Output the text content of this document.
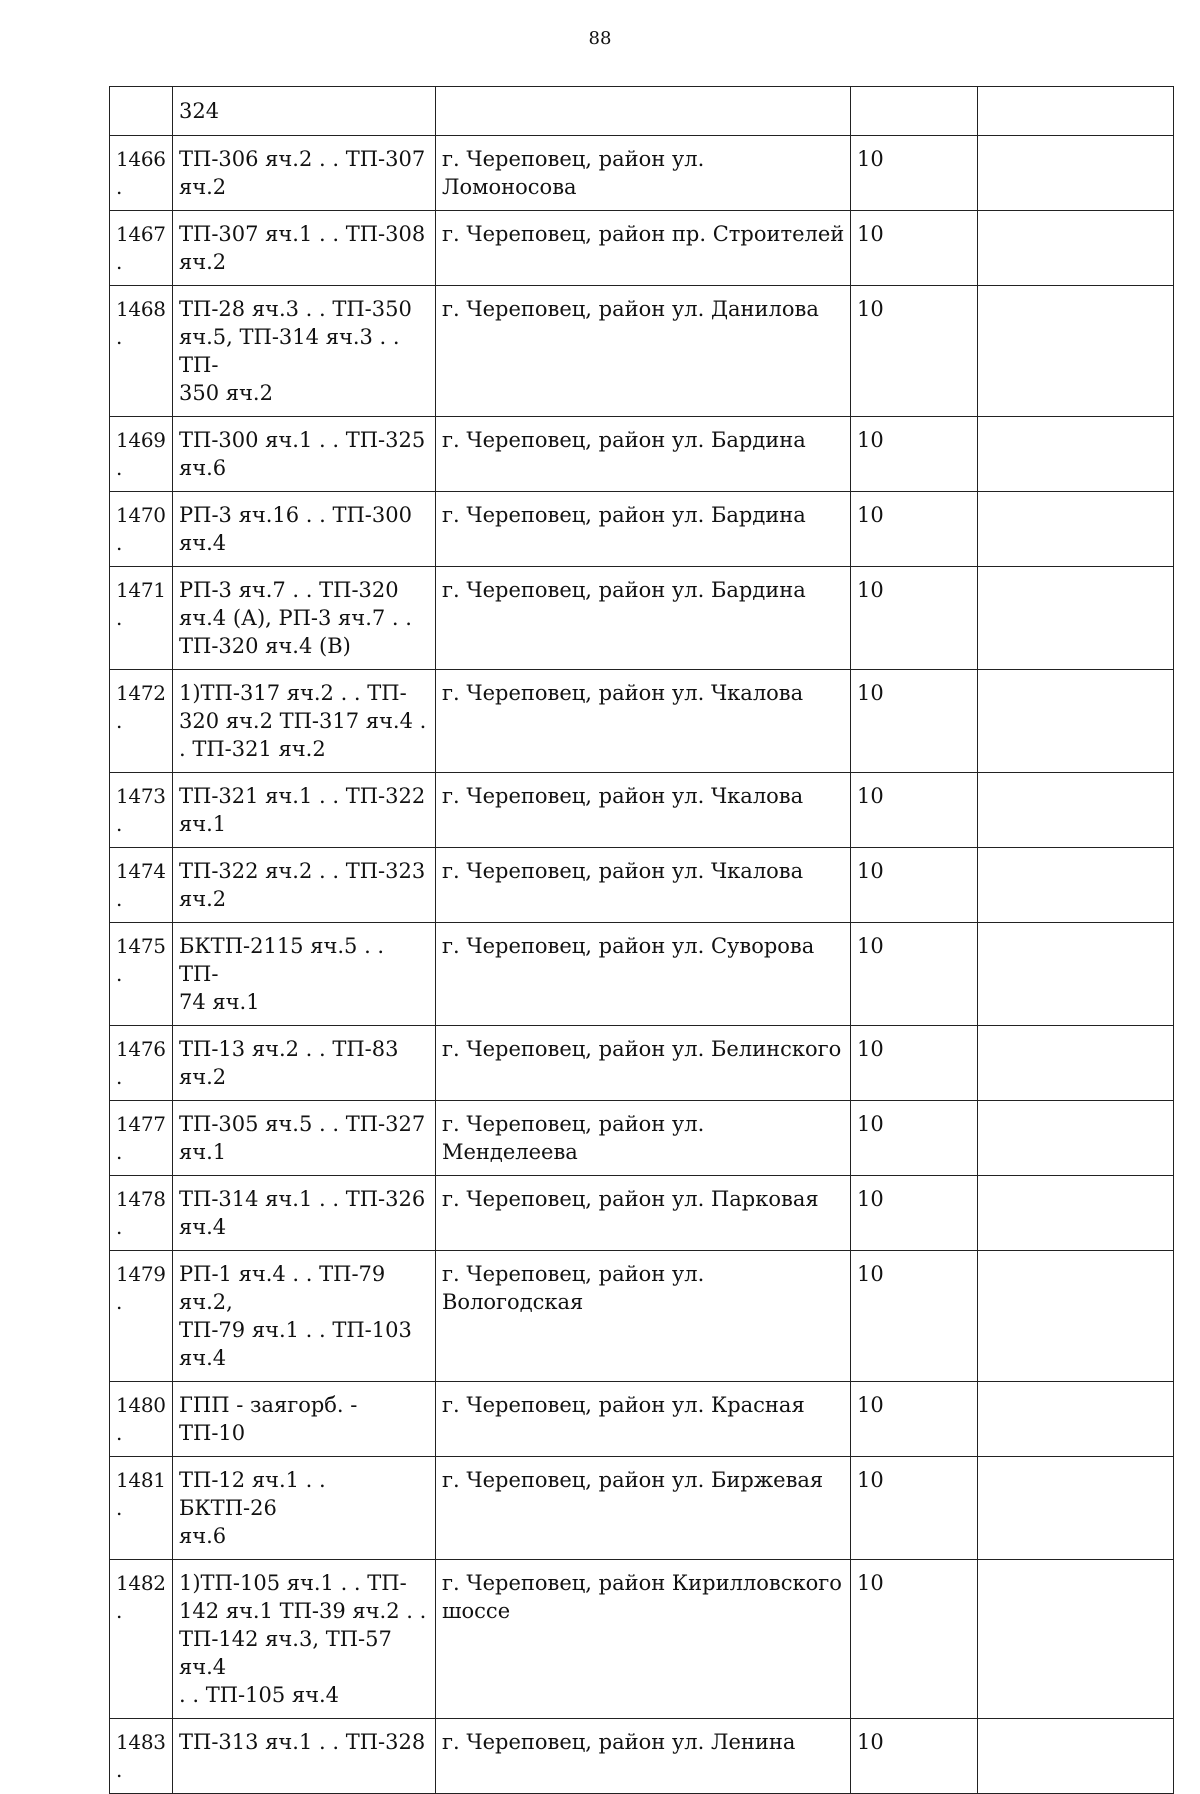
88
	324			
1466.	ТП-306 яч.2 . . ТП-307
яч.2	г. Череповец, район ул. Ломоносова	10	
1467.	ТП-307 яч.1 . . ТП-308
яч.2	г. Череповец, район пр. Строителей	10	
1468.	ТП-28 яч.3 . . ТП-350
яч.5, ТП-314 яч.3 . . ТП-
350 яч.2	г. Череповец, район ул. Данилова	10	
1469.	ТП-300 яч.1 . . ТП-325
яч.6	г. Череповец, район ул. Бардина	10	
1470.	РП-3 яч.16 . . ТП-300
яч.4	г. Череповец, район ул. Бардина	10	
1471.	РП-3 яч.7 . . ТП-320
яч.4 (А), РП-3 яч.7 . .
ТП-320 яч.4 (В)	г. Череповец, район ул. Бардина	10	
1472.	1)ТП-317 яч.2 . . ТП-
320 яч.2 ТП-317 яч.4 .
. ТП-321 яч.2	г. Череповец, район ул. Чкалова	10	
1473.	ТП-321 яч.1 . . ТП-322
яч.1	г. Череповец, район ул. Чкалова	10	
1474.	ТП-322 яч.2 . . ТП-323
яч.2	г. Череповец, район ул. Чкалова	10	
1475.	БКТП-2115 яч.5 . . ТП-
74 яч.1	г. Череповец, район ул. Суворова	10	
1476.	ТП-13 яч.2 . . ТП-83
яч.2	г. Череповец, район ул. Белинского	10	
1477.	ТП-305 яч.5 . . ТП-327
яч.1	г. Череповец, район ул. Менделеева	10	
1478.	ТП-314 яч.1 . . ТП-326
яч.4	г. Череповец, район ул. Парковая	10	
1479.	РП-1 яч.4 . . ТП-79 яч.2,
ТП-79 яч.1 . . ТП-103
яч.4	г. Череповец, район ул. Вологодская	10	
1480.	ГПП - заягорб. - ТП-10	г. Череповец, район ул. Красная	10	
1481.	ТП-12 яч.1 . . БКТП-26
яч.6	г. Череповец, район ул. Биржевая	10	
1482.	1)ТП-105 яч.1 . . ТП-
142 яч.1 ТП-39 яч.2 . .
ТП-142 яч.3, ТП-57 яч.4
. . ТП-105 яч.4	г. Череповец, район Кирилловского шоссе	10	
1483.	ТП-313 яч.1 . . ТП-328	г. Череповец, район ул. Ленина	10	
